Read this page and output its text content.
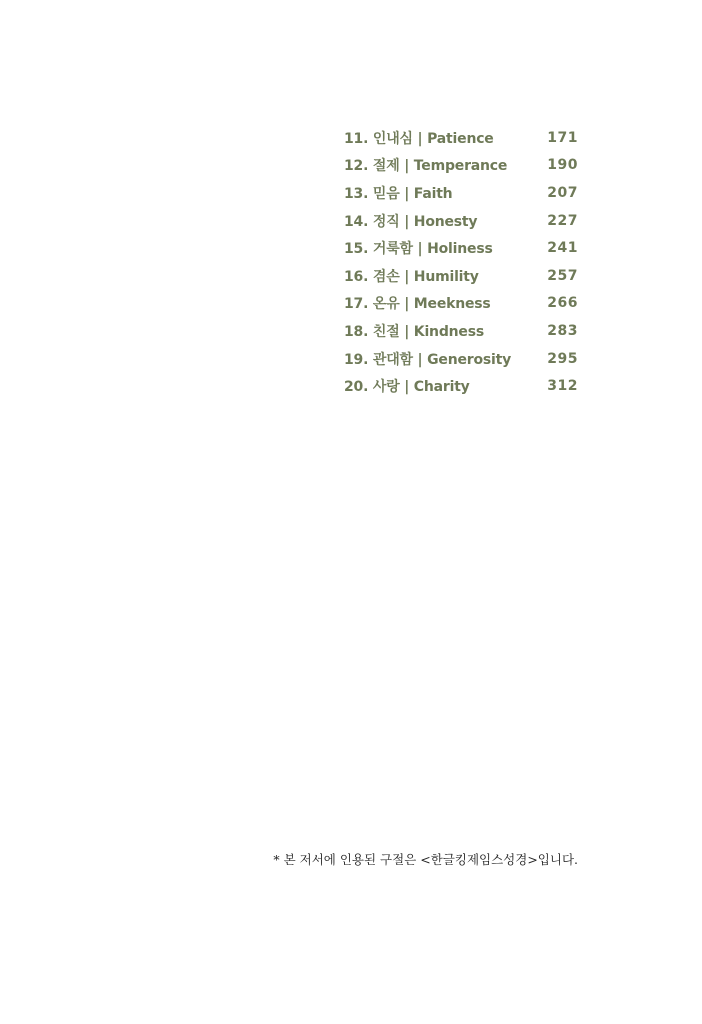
11. 인내심 | Patience	171
12. 절제 | Temperance	190
13. 믿음 | Faith	207
14. 정직 | Honesty	227
15. 거룩함 | Holiness	241
16. 겸손 | Humility	257
17. 온유 | Meekness	266
18. 친절 | Kindness	283
19. 관대함 | Generosity	295
20. 사랑 | Charity	312

* 본 저서에 인용된 구절은 <한글킹제임스성경>입니다.
